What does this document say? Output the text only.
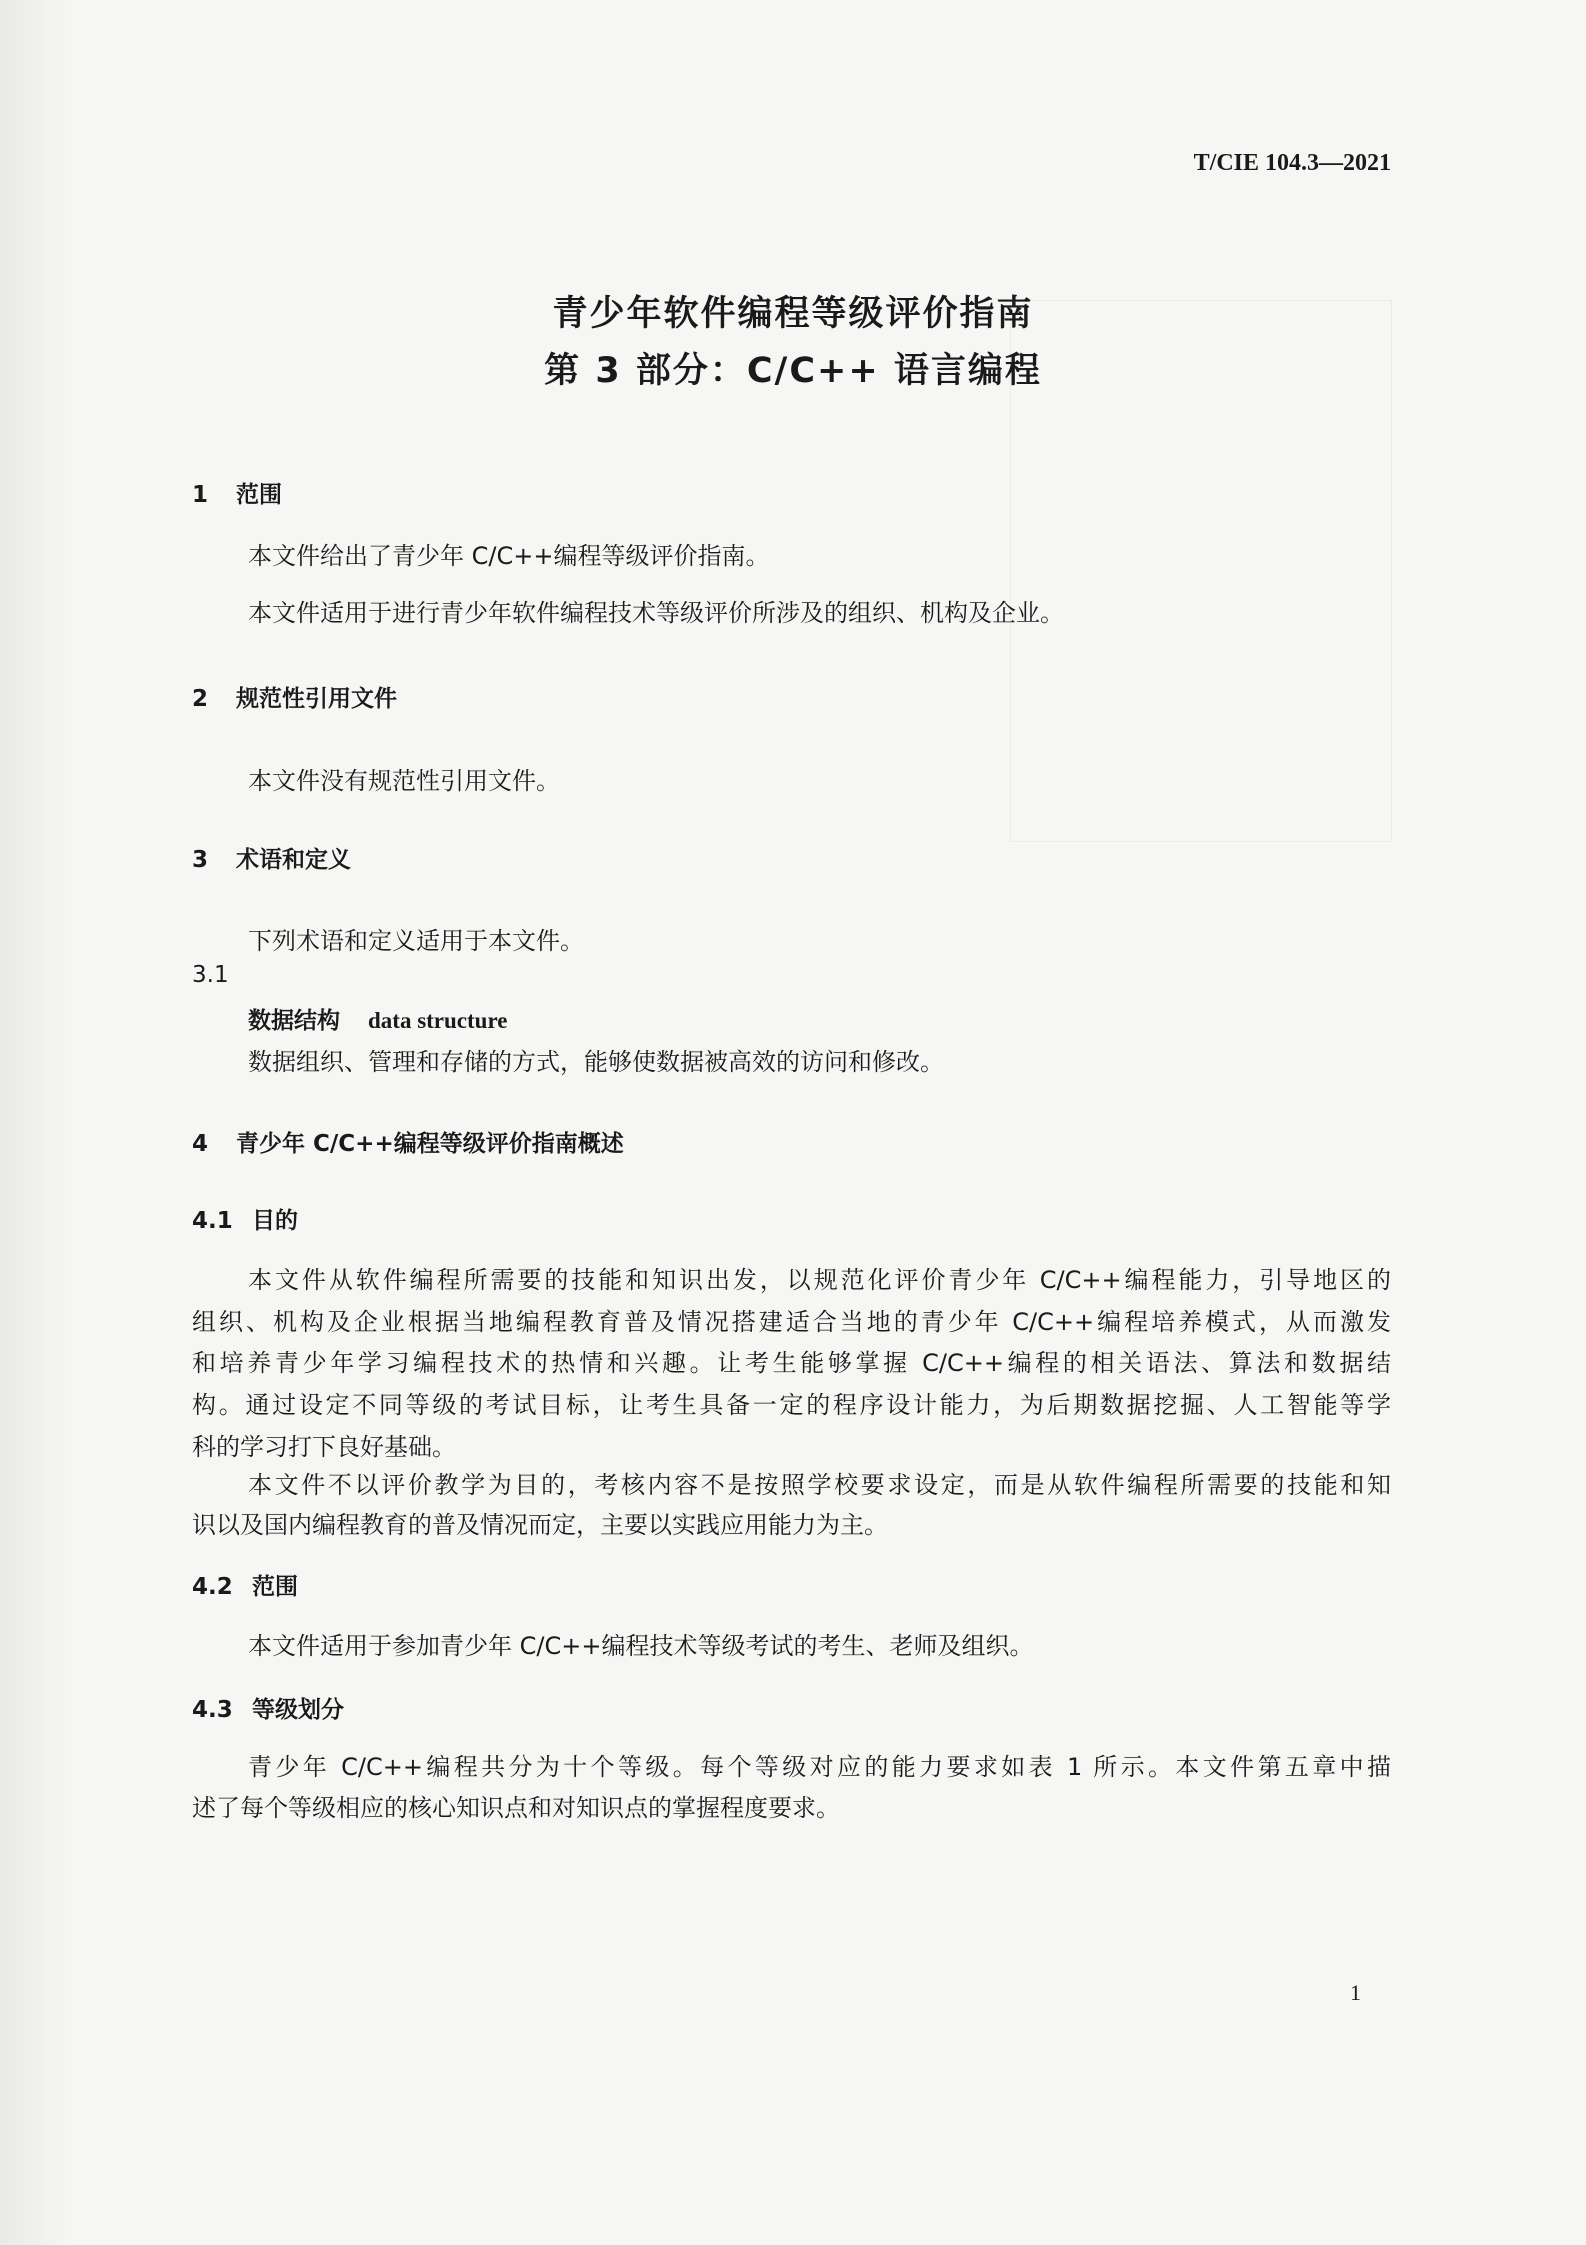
T/CIE 104.3—2021
青少年软件编程等级评价指南
第 3 部分：C/C++ 语言编程
1 范围
本文件给出了青少年 C/C++编程等级评价指南。
本文件适用于进行青少年软件编程技术等级评价所涉及的组织、机构及企业。
2 规范性引用文件
本文件没有规范性引用文件。
3 术语和定义
下列术语和定义适用于本文件。
3.1
数据结构 data structure
数据组织、管理和存储的方式，能够使数据被高效的访问和修改。
4 青少年 C/C++编程等级评价指南概述
4.1 目的
本文件从软件编程所需要的技能和知识出发，以规范化评价青少年 C/C++编程能力，引导地区的
组织、机构及企业根据当地编程教育普及情况搭建适合当地的青少年 C/C++编程培养模式，从而激发
和培养青少年学习编程技术的热情和兴趣。让考生能够掌握 C/C++编程的相关语法、算法和数据结
构。通过设定不同等级的考试目标，让考生具备一定的程序设计能力，为后期数据挖掘、人工智能等学
科的学习打下良好基础。
本文件不以评价教学为目的，考核内容不是按照学校要求设定，而是从软件编程所需要的技能和知
识以及国内编程教育的普及情况而定，主要以实践应用能力为主。
4.2 范围
本文件适用于参加青少年 C/C++编程技术等级考试的考生、老师及组织。
4.3 等级划分
青少年 C/C++编程共分为十个等级。每个等级对应的能力要求如表 1 所示。本文件第五章中描
述了每个等级相应的核心知识点和对知识点的掌握程度要求。
1
